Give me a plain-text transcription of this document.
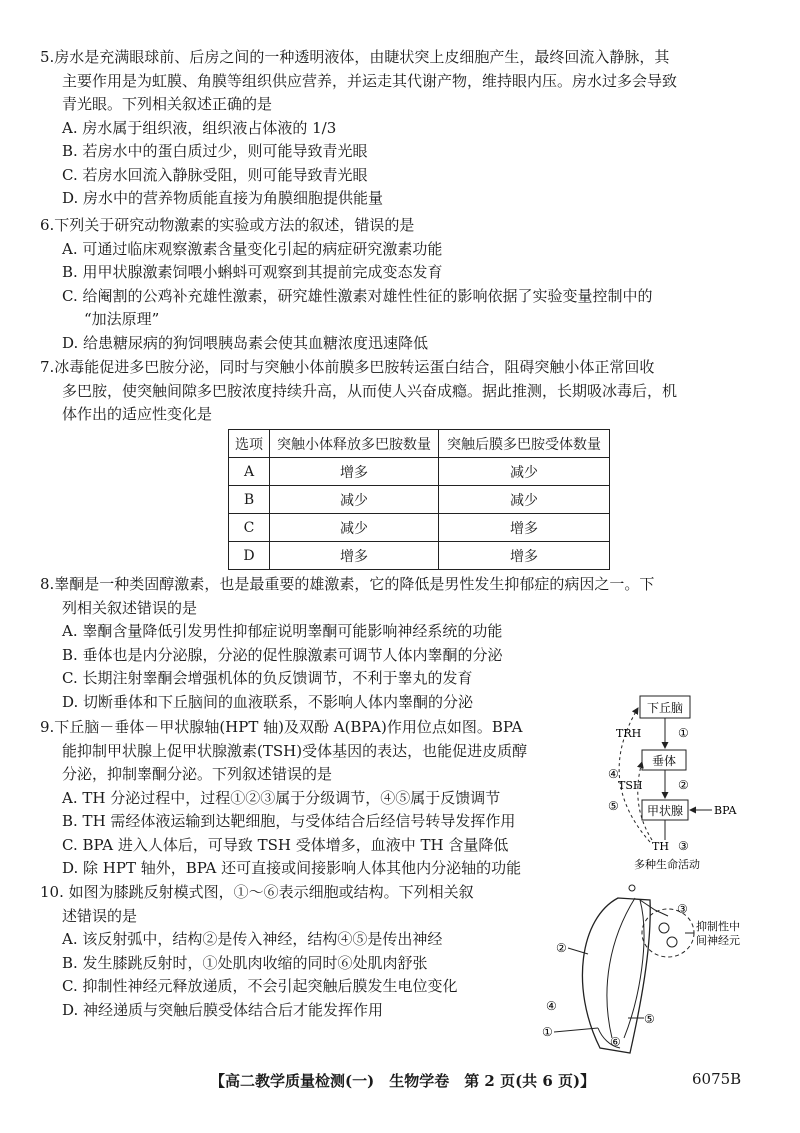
5.房水是充满眼球前、后房之间的一种透明液体，由睫状突上皮细胞产生，最终回流入静脉，其
主要作用是为虹膜、角膜等组织供应营养，并运走其代谢产物，维持眼内压。房水过多会导致
青光眼。下列相关叙述正确的是
A. 房水属于组织液，组织液占体液的 1/3
B. 若房水中的蛋白质过少，则可能导致青光眼
C. 若房水回流入静脉受阻，则可能导致青光眼
D. 房水中的营养物质能直接为角膜细胞提供能量
6.下列关于研究动物激素的实验或方法的叙述，错误的是
A. 可通过临床观察激素含量变化引起的病症研究激素功能
B. 用甲状腺激素饲喂小蝌蚪可观察到其提前完成变态发育
C. 给阉割的公鸡补充雄性激素，研究雄性激素对雄性性征的影响依据了实验变量控制中的
“加法原理”
D. 给患糖尿病的狗饲喂胰岛素会使其血糖浓度迅速降低
7.冰毒能促进多巴胺分泌，同时与突触小体前膜多巴胺转运蛋白结合，阻碍突触小体正常回收
多巴胺，使突触间隙多巴胺浓度持续升高，从而使人兴奋成瘾。据此推测，长期吸冰毒后，机
体作出的适应性变化是
选项	突触小体释放多巴胺数量	突触后膜多巴胺受体数量
A	增多	减少
B	减少	减少
C	减少	增多
D	增多	增多
8.睾酮是一种类固醇激素，也是最重要的雄激素，它的降低是男性发生抑郁症的病因之一。下
列相关叙述错误的是
A. 睾酮含量降低引发男性抑郁症说明睾酮可能影响神经系统的功能
B. 垂体也是内分泌腺，分泌的促性腺激素可调节人体内睾酮的分泌
C. 长期注射睾酮会增强机体的负反馈调节，不利于睾丸的发育
D. 切断垂体和下丘脑间的血液联系，不影响人体内睾酮的分泌
9.下丘脑－垂体－甲状腺轴(HPT 轴)及双酚 A(BPA)作用位点如图。BPA
能抑制甲状腺上促甲状腺激素(TSH)受体基因的表达，也能促进皮质醇
分泌，抑制睾酮分泌。下列叙述错误的是
A. TH 分泌过程中，过程①②③属于分级调节，④⑤属于反馈调节
B. TH 需经体液运输到达靶细胞，与受体结合后经信号转导发挥作用
C. BPA 进入人体后，可导致 TSH 受体增多，血液中 TH 含量降低
D. 除 HPT 轴外，BPA 还可直接或间接影响人体其他内分泌轴的功能
下丘脑
TRH	①
垂体
TSH	②
甲状腺	BPA
TH ③
④
⑤
多种生命活动
10. 如图为膝跳反射模式图，①～⑥表示细胞或结构。下列相关叙
述错误的是
A. 该反射弧中，结构②是传入神经，结构④⑤是传出神经
B. 发生膝跳反射时，①处肌肉收缩的同时⑥处肌肉舒张
C. 抑制性神经元释放递质，不会引起突触后膜发生电位变化
D. 神经递质与突触后膜受体结合后才能发挥作用
③
抑制性中
间神经元
②
④
①
⑤
⑥
【高二教学质量检测(一)　生物学卷　第 2 页(共 6 页)】	6075B
